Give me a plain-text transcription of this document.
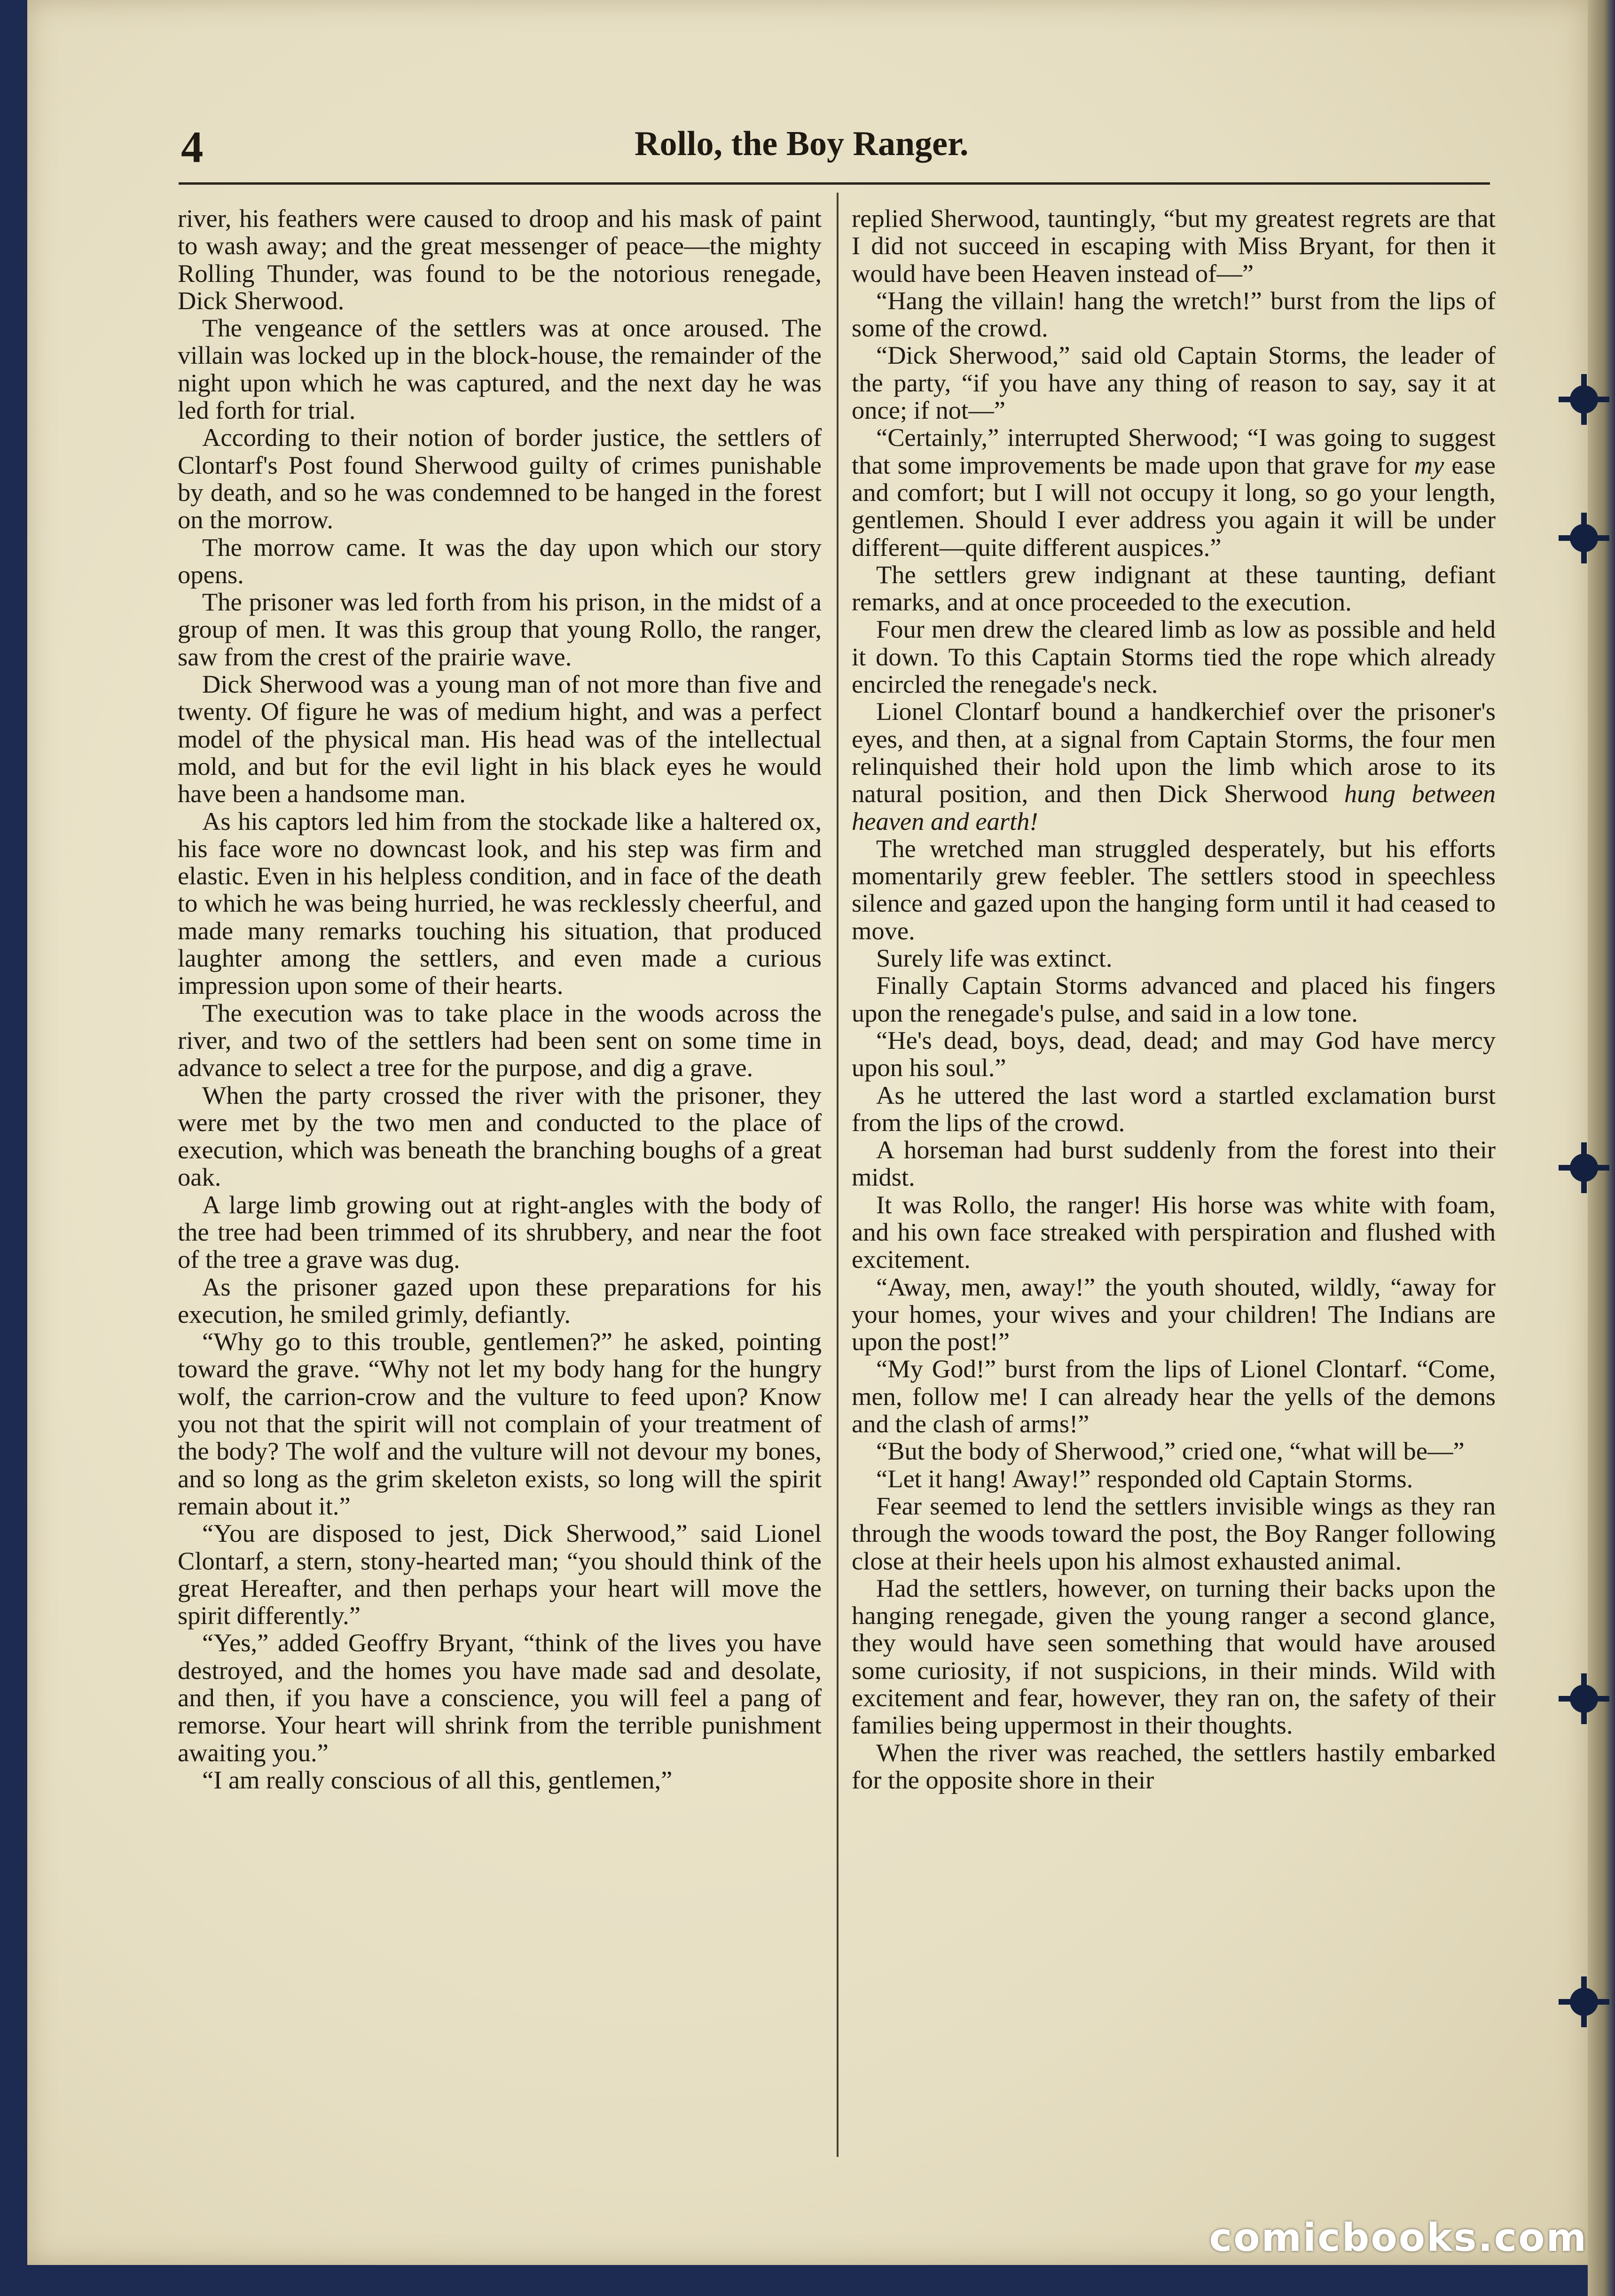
4	Rollo, the Boy Ranger.

river, his feathers were caused to droop and his mask of paint to wash away; and the great messenger of peace—the mighty Rolling Thunder, was found to be the notorious renegade, Dick Sherwood.

The vengeance of the settlers was at once aroused. The villain was locked up in the block-house, the remainder of the night upon which he was captured, and the next day he was led forth for trial.

According to their notion of border justice, the settlers of Clontarf's Post found Sherwood guilty of crimes punishable by death, and so he was condemned to be hanged in the forest on the morrow.

The morrow came. It was the day upon which our story opens.

The prisoner was led forth from his prison, in the midst of a group of men. It was this group that young Rollo, the ranger, saw from the crest of the prairie wave.

Dick Sherwood was a young man of not more than five and twenty. Of figure he was of medium hight, and was a perfect model of the physical man. His head was of the intellectual mold, and but for the evil light in his black eyes he would have been a handsome man.

As his captors led him from the stockade like a haltered ox, his face wore no downcast look, and his step was firm and elastic. Even in his helpless condition, and in face of the death to which he was being hurried, he was recklessly cheerful, and made many remarks touching his situation, that produced laughter among the settlers, and even made a curious impression upon some of their hearts.

The execution was to take place in the woods across the river, and two of the settlers had been sent on some time in advance to select a tree for the purpose, and dig a grave.

When the party crossed the river with the prisoner, they were met by the two men and conducted to the place of execution, which was beneath the branching boughs of a great oak.

A large limb growing out at right-angles with the body of the tree had been trimmed of its shrubbery, and near the foot of the tree a grave was dug.

As the prisoner gazed upon these preparations for his execution, he smiled grimly, defiantly.

“Why go to this trouble, gentlemen?” he asked, pointing toward the grave. “Why not let my body hang for the hungry wolf, the carrion-crow and the vulture to feed upon? Know you not that the spirit will not complain of your treatment of the body? The wolf and the vulture will not devour my bones, and so long as the grim skeleton exists, so long will the spirit remain about it.”

“You are disposed to jest, Dick Sherwood,” said Lionel Clontarf, a stern, stony-hearted man; “you should think of the great Hereafter, and then perhaps your heart will move the spirit differently.”

“Yes,” added Geoffry Bryant, “think of the lives you have destroyed, and the homes you have made sad and desolate, and then, if you have a conscience, you will feel a pang of remorse. Your heart will shrink from the terrible punishment awaiting you.”

“I am really conscious of all this, gentlemen,”

replied Sherwood, tauntingly, “but my greatest regrets are that I did not succeed in escaping with Miss Bryant, for then it would have been Heaven instead of—”

“Hang the villain! hang the wretch!” burst from the lips of some of the crowd.

“Dick Sherwood,” said old Captain Storms, the leader of the party, “if you have any thing of reason to say, say it at once; if not—”

“Certainly,” interrupted Sherwood; “I was going to suggest that some improvements be made upon that grave for my ease and comfort; but I will not occupy it long, so go your length, gentlemen. Should I ever address you again it will be under different—quite different auspices.”

The settlers grew indignant at these taunting, defiant remarks, and at once proceeded to the execution.

Four men drew the cleared limb as low as possible and held it down. To this Captain Storms tied the rope which already encircled the renegade's neck.

Lionel Clontarf bound a handkerchief over the prisoner's eyes, and then, at a signal from Captain Storms, the four men relinquished their hold upon the limb which arose to its natural position, and then Dick Sherwood hung between heaven and earth!

The wretched man struggled desperately, but his efforts momentarily grew feebler. The settlers stood in speechless silence and gazed upon the hanging form until it had ceased to move.

Surely life was extinct.

Finally Captain Storms advanced and placed his fingers upon the renegade's pulse, and said in a low tone.

“He's dead, boys, dead, dead; and may God have mercy upon his soul.”

As he uttered the last word a startled exclamation burst from the lips of the crowd.

A horseman had burst suddenly from the forest into their midst.

It was Rollo, the ranger! His horse was white with foam, and his own face streaked with perspiration and flushed with excitement.

“Away, men, away!” the youth shouted, wildly, “away for your homes, your wives and your children! The Indians are upon the post!”

“My God!” burst from the lips of Lionel Clontarf. “Come, men, follow me! I can already hear the yells of the demons and the clash of arms!”

“But the body of Sherwood,” cried one, “what will be—”

“Let it hang! Away!” responded old Captain Storms.

Fear seemed to lend the settlers invisible wings as they ran through the woods toward the post, the Boy Ranger following close at their heels upon his almost exhausted animal.

Had the settlers, however, on turning their backs upon the hanging renegade, given the young ranger a second glance, they would have seen something that would have aroused some curiosity, if not suspicions, in their minds. Wild with excitement and fear, however, they ran on, the safety of their families being uppermost in their thoughts.

When the river was reached, the settlers hastily embarked for the opposite shore in their

comicbooks.com
